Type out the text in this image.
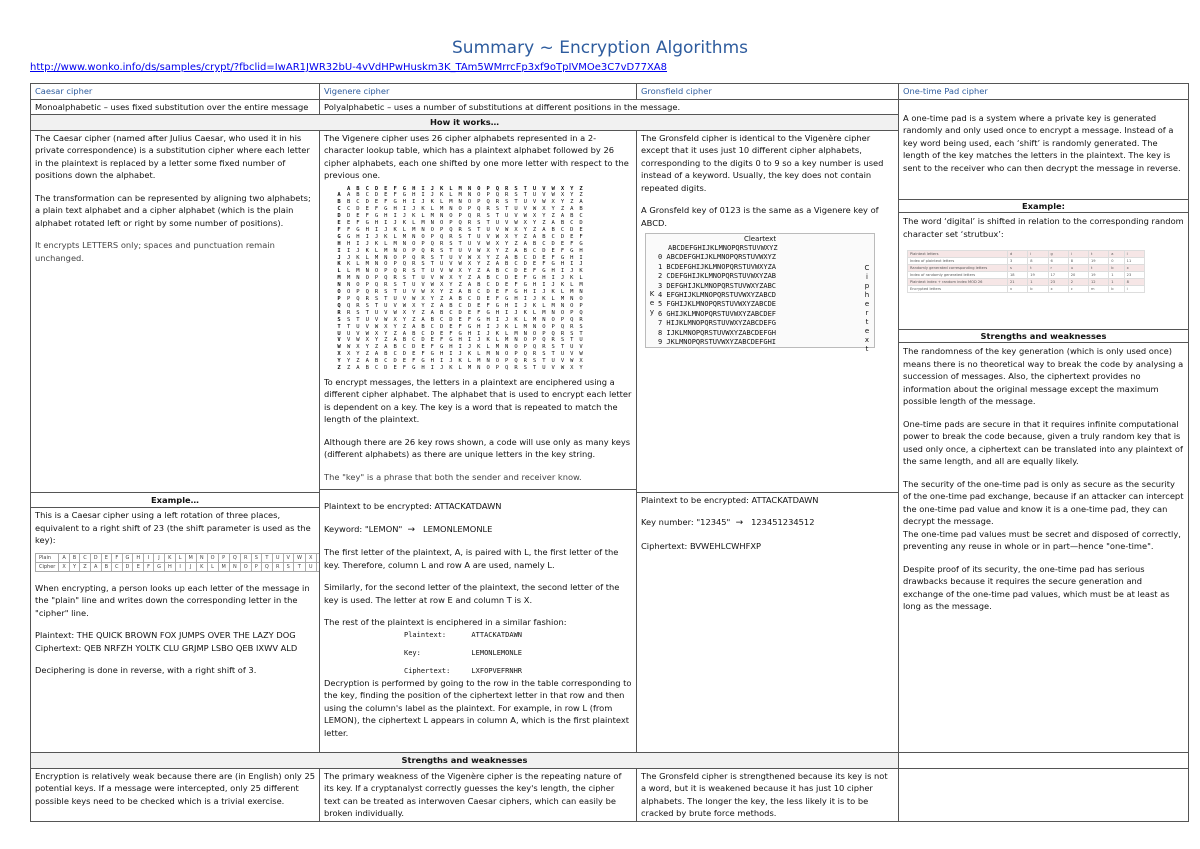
Summary ~ Encryption Algorithms
http://www.wonko.info/ds/samples/crypt/?fbclid=IwAR1JWR32bU-4vVdHPwHuskm3K_TAm5WMrrcFp3xf9oTpIVMOe3C7vD77XA8
Caesar cipher	Vigenere cipher	Gronsfield cipher	One-time Pad cipher
Monoalphabetic – uses fixed substitution over the entire message	Polyalphabetic – uses a number of substitutions at different positions in the message.	

A one-time pad is a system where a private key is generated randomly and only used once to encrypt a message. Instead of a key word being used, each ‘shift’ is randomly generated. The length of the key matches the letters in the plaintext. The key is sent to the receiver who can then decrypt the message in reverse.

Example:

The word ‘digital’ is shifted in relation to the corresponding random character set ‘strutbux’:

Plaintext letters	d	i	g	i	t	a	l
Index of plaintext letters	3	8	6	8	19	0	11
Randomly generated corresponding letters	s	t	r	u	t	b	x
Index of randomly generated letters	18	19	17	20	19	1	23
Plaintext index + random index MOD 26	21	1	23	2	12	1	8
Encrypted letters	v	b	x	c	m	b	i
Strengths and weaknesses

The randomness of the key generation (which is only used once) means there is no theoretical way to break the code by analysing a succession of messages. Also, the ciphertext provides no information about the original message except the maximum possible length of the message.

One-time pads are secure in that it requires infinite computational power to break the code because, given a truly random key that is used only once, a ciphertext can be translated into any plaintext of the same length, and all are equally likely.

The security of the one-time pad is only as secure as the security of the one-time pad exchange, because if an attacker can intercept the one-time pad value and know it is a one-time pad, they can decrypt the message.

The one-time pad values must be secret and disposed of correctly, preventing any reuse in whole or in part—hence "one-time".

Despite proof of its security, the one-time pad has serious drawbacks because it requires the secure generation and exchange of the one-time pad values, which must be at least as long as the message.

How it works…

The Caesar cipher (named after Julius Caesar, who used it in his private correspondence) is a substitution cipher where each letter in the plaintext is replaced by a letter some fixed number of positions down the alphabet.

The transformation can be represented by aligning two alphabets; a plain text alphabet and a cipher alphabet (which is the plain alphabet rotated left or right by some number of positions).

It encrypts LETTERS only; spaces and punctuation remain unchanged.

The Vigenere cipher uses 26 cipher alphabets represented in a 2-character lookup table, which has a plaintext alphabet followed by 26 cipher alphabets, each one shifted by one more letter with respect to the previous one.

A	B	C	D	E	F	G	H	I	J	K	L	M	N	O	P	Q	R	S	T	U	V	W	X	Y	Z
A	A	B	C	D	E	F	G	H	I	J	K	L	M	N	O	P	Q	R	S	T	U	V	W	X	Y	Z
B	B	C	D	E	F	G	H	I	J	K	L	M	N	O	P	Q	R	S	T	U	V	W	X	Y	Z	A
C	C	D	E	F	G	H	I	J	K	L	M	N	O	P	Q	R	S	T	U	V	W	X	Y	Z	A	B
D	D	E	F	G	H	I	J	K	L	M	N	O	P	Q	R	S	T	U	V	W	X	Y	Z	A	B	C
E	E	F	G	H	I	J	K	L	M	N	O	P	Q	R	S	T	U	V	W	X	Y	Z	A	B	C	D
F	F	G	H	I	J	K	L	M	N	O	P	Q	R	S	T	U	V	W	X	Y	Z	A	B	C	D	E
G	G	H	I	J	K	L	M	N	O	P	Q	R	S	T	U	V	W	X	Y	Z	A	B	C	D	E	F
H	H	I	J	K	L	M	N	O	P	Q	R	S	T	U	V	W	X	Y	Z	A	B	C	D	E	F	G
I	I	J	K	L	M	N	O	P	Q	R	S	T	U	V	W	X	Y	Z	A	B	C	D	E	F	G	H
J	J	K	L	M	N	O	P	Q	R	S	T	U	V	W	X	Y	Z	A	B	C	D	E	F	G	H	I
K	K	L	M	N	O	P	Q	R	S	T	U	V	W	X	Y	Z	A	B	C	D	E	F	G	H	I	J
L	L	M	N	O	P	Q	R	S	T	U	V	W	X	Y	Z	A	B	C	D	E	F	G	H	I	J	K
M	M	N	O	P	Q	R	S	T	U	V	W	X	Y	Z	A	B	C	D	E	F	G	H	I	J	K	L
N	N	O	P	Q	R	S	T	U	V	W	X	Y	Z	A	B	C	D	E	F	G	H	I	J	K	L	M
O	O	P	Q	R	S	T	U	V	W	X	Y	Z	A	B	C	D	E	F	G	H	I	J	K	L	M	N
P	P	Q	R	S	T	U	V	W	X	Y	Z	A	B	C	D	E	F	G	H	I	J	K	L	M	N	O
Q	Q	R	S	T	U	V	W	X	Y	Z	A	B	C	D	E	F	G	H	I	J	K	L	M	N	O	P
R	R	S	T	U	V	W	X	Y	Z	A	B	C	D	E	F	G	H	I	J	K	L	M	N	O	P	Q
S	S	T	U	V	W	X	Y	Z	A	B	C	D	E	F	G	H	I	J	K	L	M	N	O	P	Q	R
T	T	U	V	W	X	Y	Z	A	B	C	D	E	F	G	H	I	J	K	L	M	N	O	P	Q	R	S
U	U	V	W	X	Y	Z	A	B	C	D	E	F	G	H	I	J	K	L	M	N	O	P	Q	R	S	T
V	V	W	X	Y	Z	A	B	C	D	E	F	G	H	I	J	K	L	M	N	O	P	Q	R	S	T	U
W	W	X	Y	Z	A	B	C	D	E	F	G	H	I	J	K	L	M	N	O	P	Q	R	S	T	U	V
X	X	Y	Z	A	B	C	D	E	F	G	H	I	J	K	L	M	N	O	P	Q	R	S	T	U	V	W
Y	Y	Z	A	B	C	D	E	F	G	H	I	J	K	L	M	N	O	P	Q	R	S	T	U	V	W	X
Z	Z	A	B	C	D	E	F	G	H	I	J	K	L	M	N	O	P	Q	R	S	T	U	V	W	X	Y

To encrypt messages, the letters in a plaintext are enciphered using a different cipher alphabet. The alphabet that is used to encrypt each letter is dependent on a key. The key is a word that is repeated to match the length of the plaintext.

Although there are 26 key rows shown, a code will use only as many keys (different alphabets) as there are unique letters in the key string.

The "key" is a phrase that both the sender and receiver know.

Plaintext to be encrypted: ATTACKATDAWN

Keyword: "LEMON" → LEMONLEMONLE

The first letter of the plaintext, A, is paired with L, the first letter of the key. Therefore, column L and row A are used, namely L.

Similarly, for the second letter of the plaintext, the second letter of the key is used. The letter at row E and column T is X.

The rest of the plaintext is enciphered in a similar fashion:

Plaintext:      ATTACKATDAWN
Key:            LEMONLEMONLE
Ciphertext:     LXFOPVEFRNHR

Decryption is performed by going to the row in the table corresponding to the key, finding the position of the ciphertext letter in that row and then using the column's label as the plaintext. For example, in row L (from LEMON), the ciphertext L appears in column A, which is the first plaintext letter.

The Gronsfeld cipher is identical to the Vigenère cipher except that it uses just 10 different cipher alphabets, corresponding to the digits 0 to 9 so a key number is used instead of a keyword. Usually, the key does not contain repeated digits.

A Gronsfeld key of 0123 is the same as a Vigenere key of ABCD.

Cleartext
ABCDEFGHIJKLMNOPQRSTUVWXYZ
0 ABCDEFGHIJKLMNOPQRSTUVWXYZ
1 BCDEFGHIJKLMNOPQRSTUVWXYZA
2 CDEFGHIJKLMNOPQRSTUVWXYZAB
3 DEFGHIJKLMNOPQRSTUVWXYZABC
4 EFGHIJKLMNOPQRSTUVWXYZABCD
5 FGHIJKLMNOPQRSTUVWXYZABCDE
6 GHIJKLMNOPQRSTUVWXYZABCDEF
7 HIJKLMNOPQRSTUVWXYZABCDEFG
8 IJKLMNOPQRSTUVWXYZABCDEFGH
9 JKLMNOPQRSTUVWXYZABCDEFGHI
K
e
y
C
i
p
h
e
r
t
e
x
t

Example…	Plaintext to be encrypted: ATTACKATDAWN

Key number: "12345" → 123451234512

Ciphertext: BVWEHLCWHFXP

This is a Caesar cipher using a left rotation of three places, equivalent to a right shift of 23 (the shift parameter is used as the key):

Plain	A	B	C	D	E	F	G	H	I	J	K	L	M	N	O	P	Q	R	S	T	U	V	W	X		
Cipher	X	Y	Z	A	B	C	D	E	F	G	H	I	J	K	L	M	N	O	P	Q	R	S	T	U		

When encrypting, a person looks up each letter of the message in the "plain" line and writes down the corresponding letter in the "cipher" line.

Plaintext: THE QUICK BROWN FOX JUMPS OVER THE LAZY DOG

Ciphertext: QEB NRFZH YOLTK CLU GRJMP LSBO QEB IXWV ALD

Deciphering is done in reverse, with a right shift of 3.

Strengths and weaknesses	
Encryption is relatively weak because there are (in English) only 25 potential keys. If a message were intercepted, only 25 different possible keys need to be checked which is a trivial exercise.	The primary weakness of the Vigenère cipher is the repeating nature of its key. If a cryptanalyst correctly guesses the key's length, the cipher text can be treated as interwoven Caesar ciphers, which can easily be broken individually.	The Gronsfeld cipher is strengthened because its key is not a word, but it is weakened because it has just 10 cipher alphabets. The longer the key, the less likely it is to be cracked by brute force methods.	
